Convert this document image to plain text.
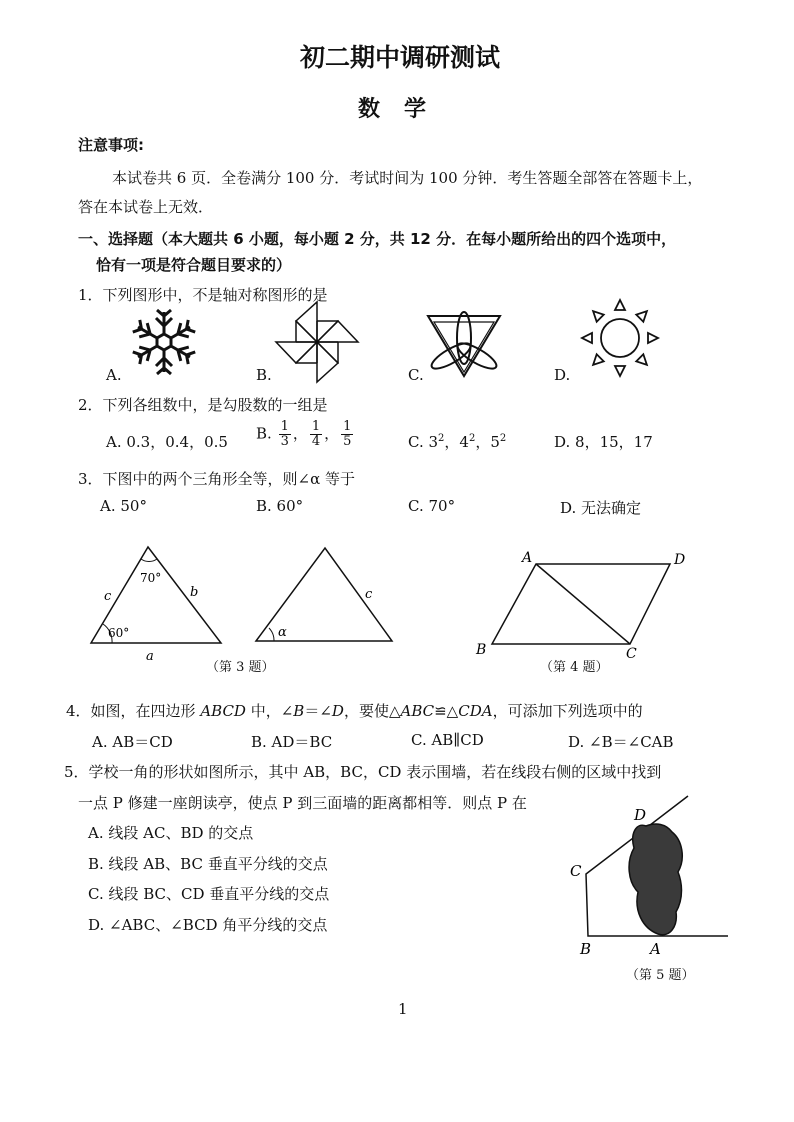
初二期中调研测试
数学
注意事项:
本试卷共 6 页．全卷满分 100 分．考试时间为 100 分钟．考生答题全部答在答题卡上，
答在本试卷上无效．
一、选择题（本大题共 6 小题，每小题 2 分，共 12 分．在每小题所给出的四个选项中，
恰有一项是符合题目要求的）
1．下列图形中，不是轴对称图形的是
A.	B.	C.	D.
2．下列各组数中，是勾股数的一组是
A. 0.3，0.4，0.5 B. $\frac{1}{3}$ ， $\frac{1}{4}$ ， $\frac{1}{5}$	C. $3^2$，$4^2$，$5^2$	D. 8，15，17
3．下图中的两个三角形全等，则∠α 等于
A. 50°	B. 60°	C. 70°	D. 无法确定
70°
60°
c	b
a
α
c
（第 3 题）
A	D
B	C
（第 4 题）
4．如图，在四边形 ABCD 中，∠B＝∠D，要使△ABC≌△CDA，可添加下列选项中的
A. AB＝CD	B. AD＝BC	C. AB∥CD	D. ∠B＝∠CAB
5．学校一角的形状如图所示，其中 AB，BC，CD 表示围墙，若在线段右侧的区域中找到
一点 P 修建一座朗读亭，使点 P 到三面墙的距离都相等．则点 P 在
A. 线段 AC、BD 的交点
B. 线段 AB、BC 垂直平分线的交点
C. 线段 BC、CD 垂直平分线的交点
D. ∠ABC、∠BCD 角平分线的交点
D
C
B	A
（第 5 题）
1
